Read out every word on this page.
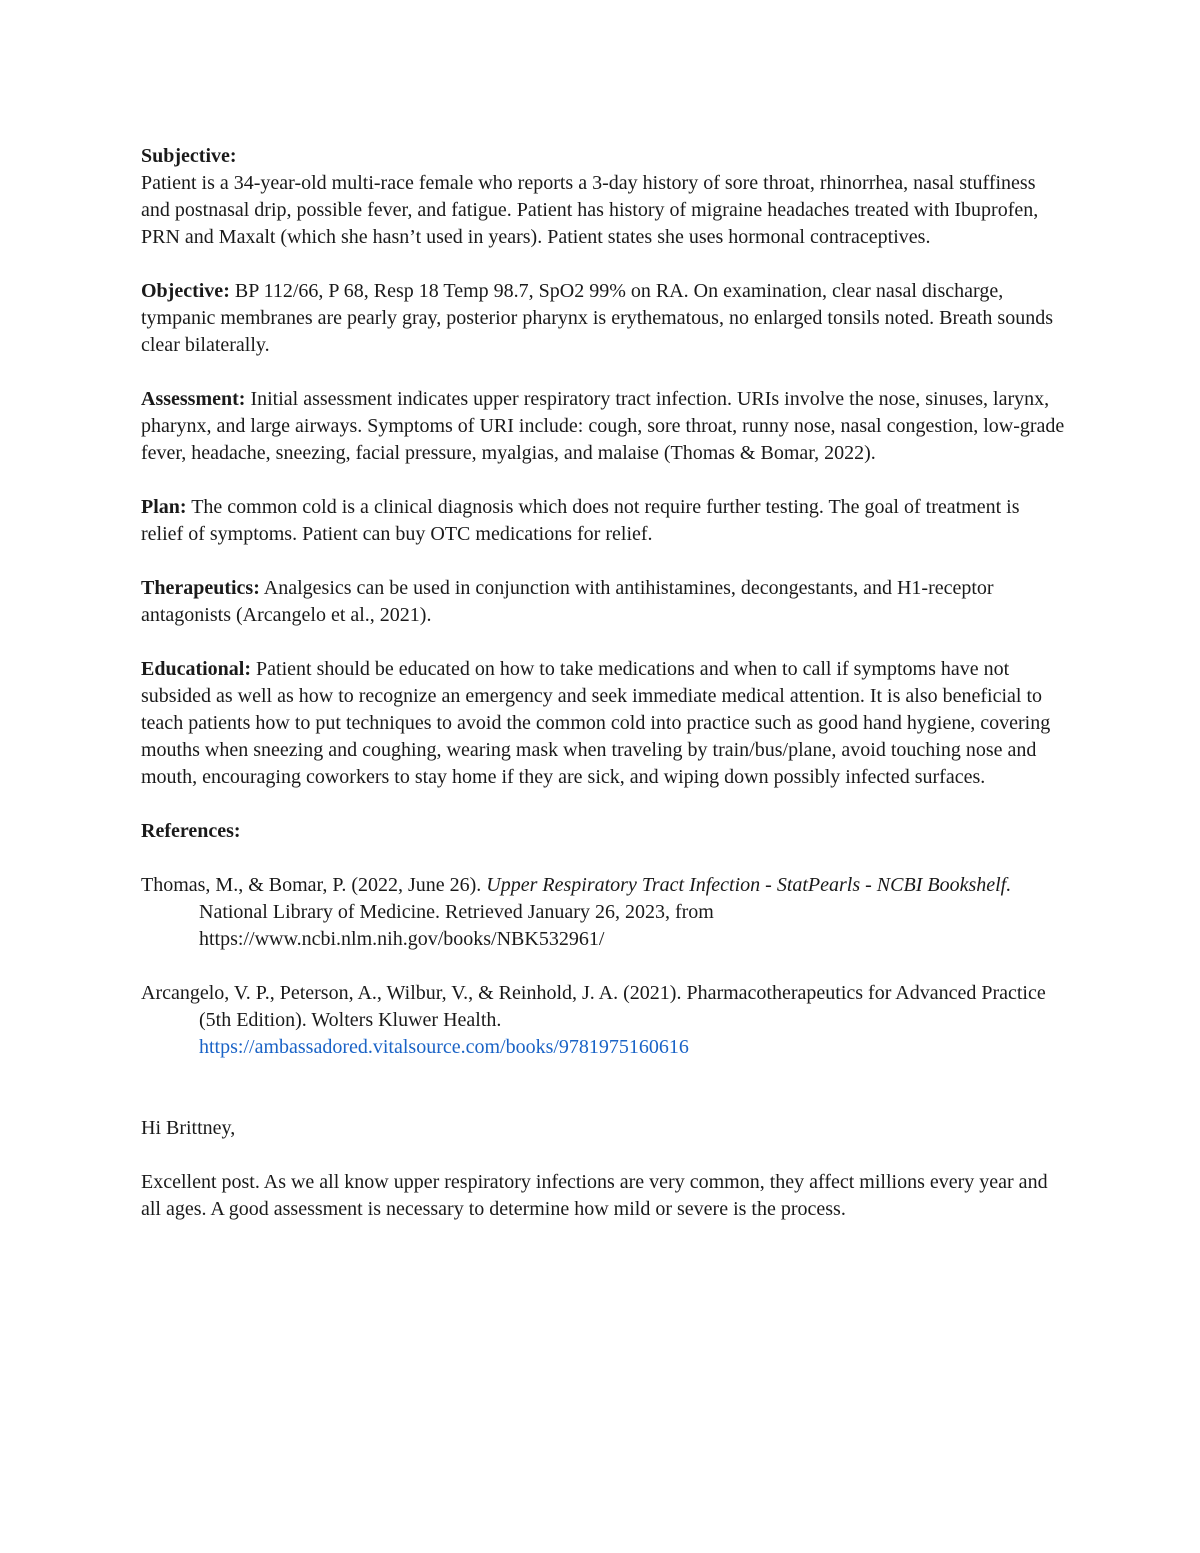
Subjective:
Patient is a 34-year-old multi-race female who reports a 3-day history of sore throat, rhinorrhea, nasal stuffiness and postnasal drip, possible fever, and fatigue. Patient has history of migraine headaches treated with Ibuprofen, PRN and Maxalt (which she hasn’t used in years). Patient states she uses hormonal contraceptives.
Objective: BP 112/66, P 68, Resp 18 Temp 98.7, SpO2 99% on RA. On examination, clear nasal discharge, tympanic membranes are pearly gray, posterior pharynx is erythematous, no enlarged tonsils noted. Breath sounds clear bilaterally.
Assessment: Initial assessment indicates upper respiratory tract infection. URIs involve the nose, sinuses, larynx, pharynx, and large airways. Symptoms of URI include: cough, sore throat, runny nose, nasal congestion, low-grade fever, headache, sneezing, facial pressure, myalgias, and malaise (Thomas & Bomar, 2022).
Plan: The common cold is a clinical diagnosis which does not require further testing. The goal of treatment is relief of symptoms. Patient can buy OTC medications for relief.
Therapeutics: Analgesics can be used in conjunction with antihistamines, decongestants, and H1-receptor antagonists (Arcangelo et al., 2021).
Educational: Patient should be educated on how to take medications and when to call if symptoms have not subsided as well as how to recognize an emergency and seek immediate medical attention. It is also beneficial to teach patients how to put techniques to avoid the common cold into practice such as good hand hygiene, covering mouths when sneezing and coughing, wearing mask when traveling by train/bus/plane, avoid touching nose and mouth, encouraging coworkers to stay home if they are sick, and wiping down possibly infected surfaces.
References:
Thomas, M., & Bomar, P. (2022, June 26). Upper Respiratory Tract Infection - StatPearls - NCBI Bookshelf. National Library of Medicine. Retrieved January 26, 2023, from https://www.ncbi.nlm.nih.gov/books/NBK532961/
Arcangelo, V. P., Peterson, A., Wilbur, V., & Reinhold, J. A. (2021). Pharmacotherapeutics for Advanced Practice (5th Edition). Wolters Kluwer Health.
https://ambassadored.vitalsource.com/books/9781975160616

Hi Brittney,

Excellent post. As we all know upper respiratory infections are very common, they affect millions every year and all ages. A good assessment is necessary to determine how mild or severe is the process.
